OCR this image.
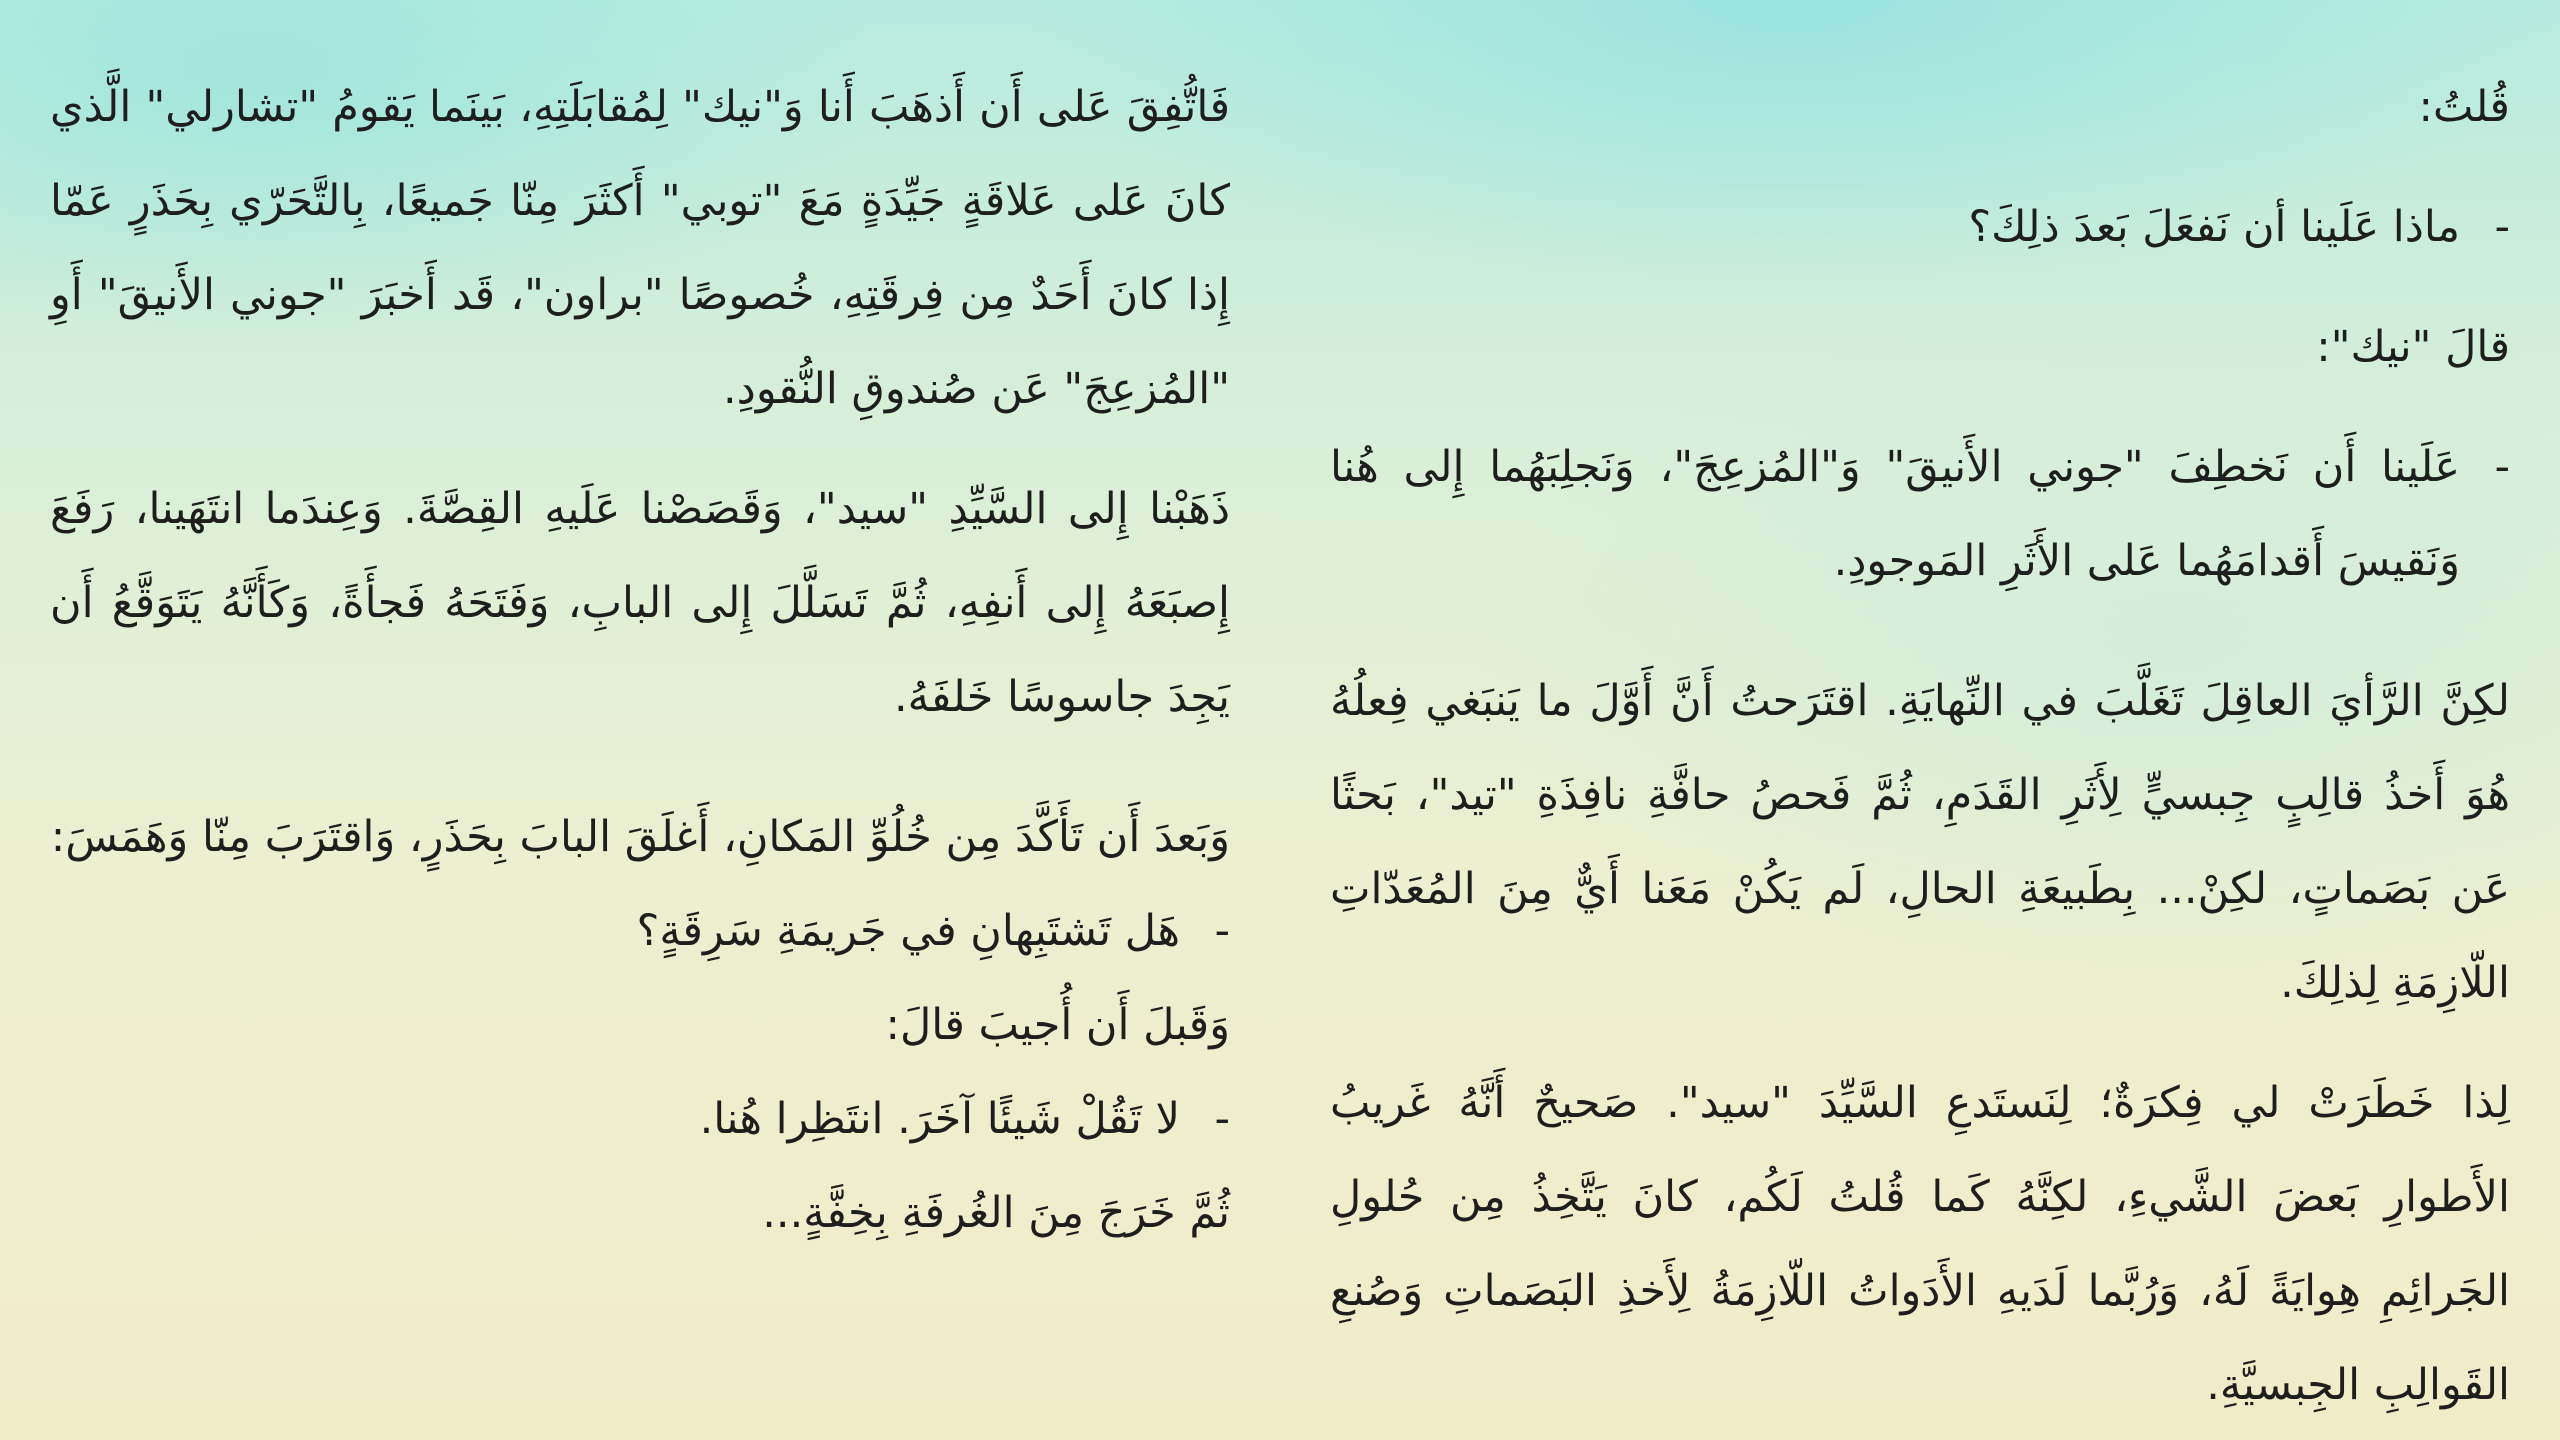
قُلتُ:

- ماذا عَلَينا أن نَفعَلَ بَعدَ ذلِكَ؟

قالَ "نيك":

- عَلَينا أَن نَخطِفَ "جوني الأَنيقَ" وَ"المُزعِجَ"، وَنَجلِبَهُما إِلى هُنا وَنَقيسَ أَقدامَهُما عَلى الأَثَرِ المَوجودِ.

لكِنَّ الرَّأيَ العاقِلَ تَغَلَّبَ في النِّهايَةِ. اقتَرَحتُ أَنَّ أَوَّلَ ما يَنبَغي فِعلُهُ هُوَ أَخذُ قالِبٍ جِبسيٍّ لِأَثَرِ القَدَمِ، ثُمَّ فَحصُ حافَّةِ نافِذَةِ "تيد"، بَحثًا عَن بَصَماتٍ، لكِنْ... بِطَبيعَةِ الحالِ، لَم يَكُنْ مَعَنا أَيٌّ مِنَ المُعَدّاتِ اللّازِمَةِ لِذلِكَ.

لِذا خَطَرَتْ لي فِكرَةٌ؛ لِنَستَدعِ السَّيِّدَ "سيد". صَحيحٌ أَنَّهُ غَريبُ الأَطوارِ بَعضَ الشَّيءِ، لكِنَّهُ كَما قُلتُ لَكُم، كانَ يَتَّخِذُ مِن حُلولِ الجَرائِمِ هِوايَةً لَهُ، وَرُبَّما لَدَيهِ الأَدَواتُ اللّازِمَةُ لِأَخذِ البَصَماتِ وَصُنعِ القَوالِبِ الجِبسيَّةِ.

فَاتُّفِقَ عَلى أَن أَذهَبَ أَنا وَ"نيك" لِمُقابَلَتِهِ، بَينَما يَقومُ "تشارلي" الَّذي كانَ عَلى عَلاقَةٍ جَيِّدَةٍ مَعَ "توبي" أَكثَرَ مِنّا جَميعًا، بِالتَّحَرّي بِحَذَرٍ عَمّا إِذا كانَ أَحَدٌ مِن فِرقَتِهِ، خُصوصًا "براون"، قَد أَخبَرَ "جوني الأَنيقَ" أَوِ "المُزعِجَ" عَن صُندوقِ النُّقودِ.

ذَهَبْنا إِلى السَّيِّدِ "سيد"، وَقَصَصْنا عَلَيهِ القِصَّةَ. وَعِندَما انتَهَينا، رَفَعَ إِصبَعَهُ إِلى أَنفِهِ، ثُمَّ تَسَلَّلَ إِلى البابِ، وَفَتَحَهُ فَجأَةً، وَكَأَنَّهُ يَتَوَقَّعُ أَن يَجِدَ جاسوسًا خَلفَهُ.

وَبَعدَ أَن تَأَكَّدَ مِن خُلُوِّ المَكانِ، أَغلَقَ البابَ بِحَذَرٍ، وَاقتَرَبَ مِنّا وَهَمَسَ:

- هَل تَشتَبِهانِ في جَريمَةِ سَرِقَةٍ؟

وَقَبلَ أَن أُجيبَ قالَ:

- لا تَقُلْ شَيئًا آخَرَ. انتَظِرا هُنا.

ثُمَّ خَرَجَ مِنَ الغُرفَةِ بِخِفَّةٍ...
